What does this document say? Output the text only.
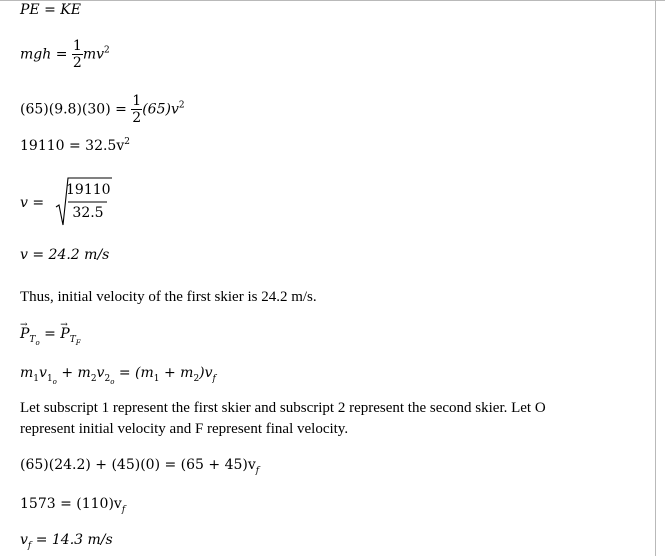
PE = KE
mgh = $\frac{1}{2} mv^2$
$(65)(9.8)(30) = \frac{1}{2} (65)v^2$
$19110 = 32.5v^2$
v =
19110
32.5
v = 24.2 m/s
Thus, initial velocity of the first skier is 24.2 m/s.
→ $P_{T_o}$ = → $P_{T_F}$
$m_1v_{1_o} + m_2v_{2_o} = (m_1 + m_2)v_f$
Let subscript 1 represent the first skier and subscript 2 represent the second skier. Let O
represent initial velocity and F represent final velocity.
$(65)(24.2) + (45)(0) = (65 + 45)v_f$
$1573 = (110)v_f$
$v_f = 14.3$ m/s
